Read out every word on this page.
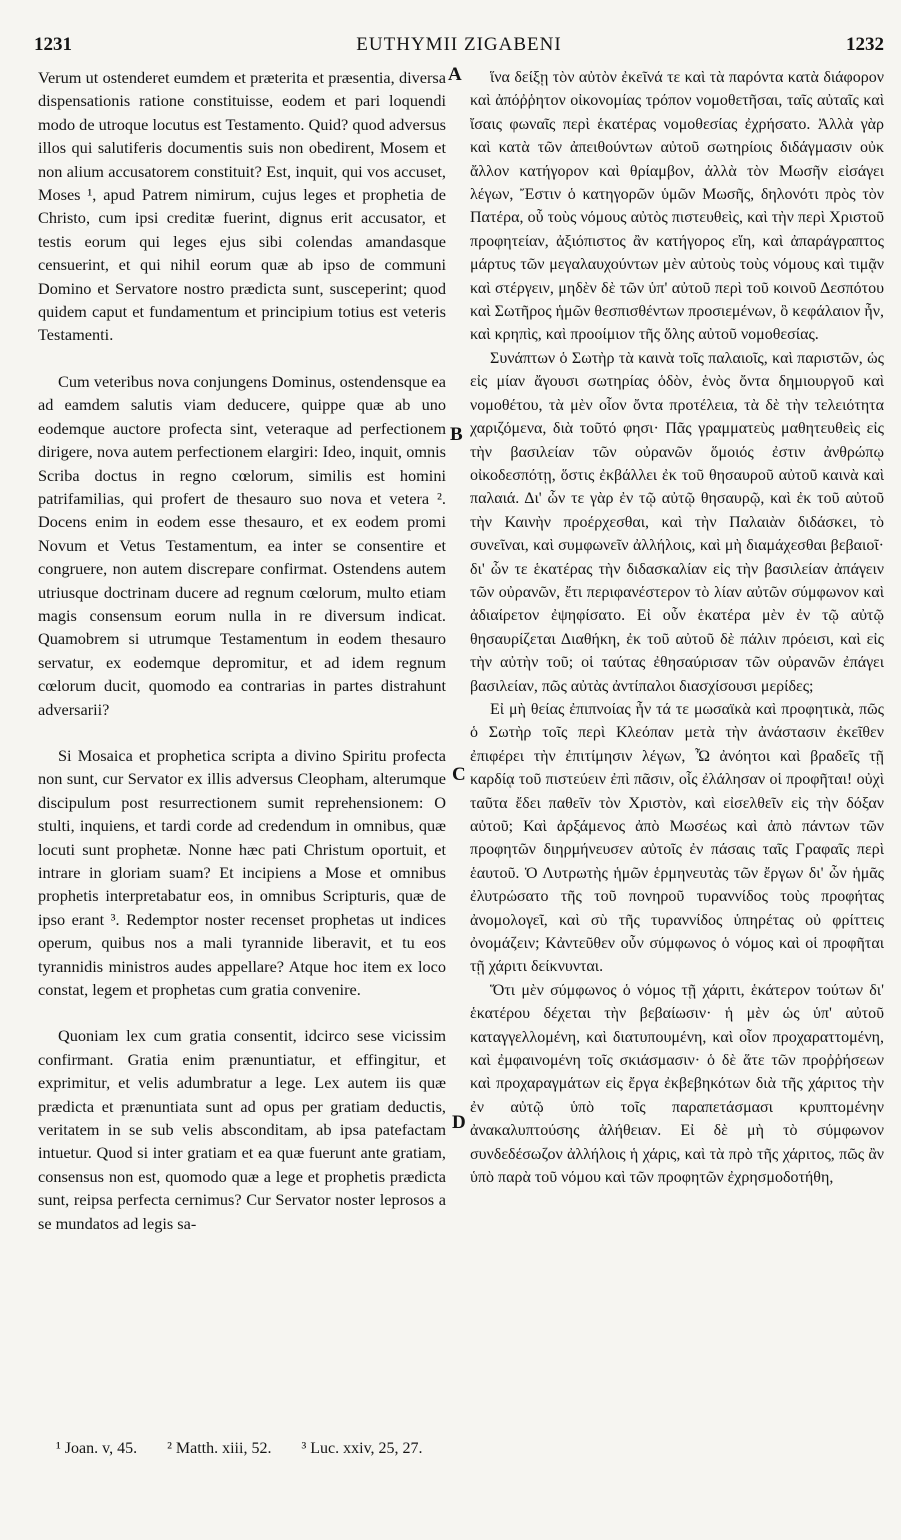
1231	EUTHYMII ZIGABENI	1232

Verum ut ostenderet eumdem et præterita et præsentia, diversa dispensationis ratione constituisse, eodem et pari loquendi modo de utroque locutus est Testamento. Quid? quod adversus illos qui salutiferis documentis suis non obedirent, Mosem et non alium accusatorem constituit? Est, inquit, qui vos accuset, Moses ¹, apud Patrem nimirum, cujus leges et prophetia de Christo, cum ipsi creditæ fuerint, dignus erit accusator, et testis eorum qui leges ejus sibi colendas amandasque censuerint, et qui nihil eorum quæ ab ipso de communi Domino et Servatore nostro prædicta sunt, susceperint; quod quidem caput et fundamentum et principium totius est veteris Testamenti.

Cum veteribus nova conjungens Dominus, ostendensque ea ad eamdem salutis viam deducere, quippe quæ ab uno eodemque auctore profecta sint, veteraque ad perfectionem dirigere, nova autem perfectionem elargiri: Ideo, inquit, omnis Scriba doctus in regno cœlorum, similis est homini patrifamilias, qui profert de thesauro suo nova et vetera ². Docens enim in eodem esse thesauro, et ex eodem promi Novum et Vetus Testamentum, ea inter se consentire et congruere, non autem discrepare confirmat. Ostendens autem utriusque doctrinam ducere ad regnum cœlorum, multo etiam magis consensum eorum nulla in re diversum indicat. Quamobrem si utrumque Testamentum in eodem thesauro servatur, ex eodemque depromitur, et ad idem regnum cœlorum ducit, quomodo ea contrarias in partes distrahunt adversarii?

Si Mosaica et prophetica scripta a divino Spiritu profecta non sunt, cur Servator ex illis adversus Cleopham, alterumque discipulum post resurrectionem sumit reprehensionem: O stulti, inquiens, et tardi corde ad credendum in omnibus, quæ locuti sunt prophetæ. Nonne hæc pati Christum oportuit, et intrare in gloriam suam? Et incipiens a Mose et omnibus prophetis interpretabatur eos, in omnibus Scripturis, quæ de ipso erant ³. Redemptor noster recenset prophetas ut indices operum, quibus nos a mali tyrannide liberavit, et tu eos tyrannidis ministros audes appellare? Atque hoc item ex loco constat, legem et prophetas cum gratia convenire.

Quoniam lex cum gratia consentit, idcirco sese vicissim confirmant. Gratia enim prænuntiatur, et effingitur, et exprimitur, et velis adumbratur a lege. Lex autem iis quæ prædicta et prænuntiata sunt ad opus per gratiam deductis, veritatem in se sub velis absconditam, ab ipsa patefactam intuetur. Quod si inter gratiam et ea quæ fuerunt ante gratiam, consensus non est, quomodo quæ a lege et prophetis prædicta sunt, reipsa perfecta cernimus? Cur Servator noster leprosos a se mundatos ad legis sa-

A
B
C
D

ἵνα δείξῃ τὸν αὐτὸν ἐκεῖνά τε καὶ τὰ παρόντα κατὰ διάφορον καὶ ἀπόῤῥητον οἰκονομίας τρόπον νομοθετῆσαι, ταῖς αὐταῖς καὶ ἴσαις φωναῖς περὶ ἑκατέρας νομοθεσίας ἐχρήσατο. Ἀλλὰ γὰρ καὶ κατὰ τῶν ἀπειθούντων αὐτοῦ σωτηρίοις διδάγμασιν οὐκ ἄλλον κατήγορον καὶ θρίαμβον, ἀλλὰ τὸν Μωσῆν εἰσάγει λέγων, Ἔστιν ὁ κατηγορῶν ὑμῶν Μωσῆς, δηλονότι πρὸς τὸν Πατέρα, οὗ τοὺς νόμους αὐτὸς πιστευθεὶς, καὶ τὴν περὶ Χριστοῦ προφητείαν, ἀξιόπιστος ἂν κατήγορος εἴη, καὶ ἀπαράγραπτος μάρτυς τῶν μεγαλαυχούντων μὲν αὐτοὺς τοὺς νόμους καὶ τιμᾷν καὶ στέργειν, μηδὲν δὲ τῶν ὑπ' αὐτοῦ περὶ τοῦ κοινοῦ Δεσπότου καὶ Σωτῆρος ἡμῶν θεσπισθέντων προσιεμένων, ὃ κεφάλαιον ἦν, καὶ κρηπὶς, καὶ προοίμιον τῆς ὅλης αὐτοῦ νομοθεσίας.

Συνάπτων ὁ Σωτὴρ τὰ καινὰ τοῖς παλαιοῖς, καὶ παριστῶν, ὡς εἰς μίαν ἄγουσι σωτηρίας ὁδὸν, ἑνὸς ὄντα δημιουργοῦ καὶ νομοθέτου, τὰ μὲν οἷον ὄντα προτέλεια, τὰ δὲ τὴν τελειότητα χαριζόμενα, διὰ τοῦτό φησι· Πᾶς γραμματεὺς μαθητευθεὶς εἰς τὴν βασιλείαν τῶν οὐρανῶν ὅμοιός ἐστιν ἀνθρώπῳ οἰκοδεσπότῃ, ὅστις ἐκβάλλει ἐκ τοῦ θησαυροῦ αὐτοῦ καινὰ καὶ παλαιά. Δι' ὧν τε γὰρ ἐν τῷ αὐτῷ θησαυρῷ, καὶ ἐκ τοῦ αὐτοῦ τὴν Καινὴν προέρχεσθαι, καὶ τὴν Παλαιὰν διδάσκει, τὸ συνεῖναι, καὶ συμφωνεῖν ἀλλήλοις, καὶ μὴ διαμάχεσθαι βεβαιοῖ· δι' ὧν τε ἑκατέρας τὴν διδασκαλίαν εἰς τὴν βασιλείαν ἀπάγειν τῶν οὐρανῶν, ἔτι περιφανέστερον τὸ λίαν αὐτῶν σύμφωνον καὶ ἀδιαίρετον ἐψηφίσατο. Εἰ οὖν ἑκατέρα μὲν ἐν τῷ αὐτῷ θησαυρίζεται Διαθήκη, ἐκ τοῦ αὐτοῦ δὲ πάλιν πρόεισι, καὶ εἰς τὴν αὐτὴν τοῦ; οἱ ταύτας ἐθησαύρισαν τῶν οὐρανῶν ἐπάγει βασιλείαν, πῶς αὐτὰς ἀντίπαλοι διασχίσουσι μερίδες;

Εἰ μὴ θείας ἐπιπνοίας ἦν τά τε μωσαϊκὰ καὶ προφητικὰ, πῶς ὁ Σωτὴρ τοῖς περὶ Κλεόπαν μετὰ τὴν ἀνάστασιν ἐκεῖθεν ἐπιφέρει τὴν ἐπιτίμησιν λέγων, Ὦ ἀνόητοι καὶ βραδεῖς τῇ καρδίᾳ τοῦ πιστεύειν ἐπὶ πᾶσιν, οἷς ἐλάλησαν οἱ προφῆται! οὐχὶ ταῦτα ἔδει παθεῖν τὸν Χριστὸν, καὶ εἰσελθεῖν εἰς τὴν δόξαν αὐτοῦ; Καὶ ἀρξάμενος ἀπὸ Μωσέως καὶ ἀπὸ πάντων τῶν προφητῶν διηρμήνευσεν αὐτοῖς ἐν πάσαις ταῖς Γραφαῖς περὶ ἑαυτοῦ. Ὁ Λυτρωτὴς ἡμῶν ἑρμηνευτὰς τῶν ἔργων δι' ὧν ἡμᾶς ἐλυτρώσατο τῆς τοῦ πονηροῦ τυραννίδος τοὺς προφήτας ἀνομολογεῖ, καὶ σὺ τῆς τυραννίδος ὑπηρέτας οὐ φρίττεις ὀνομάζειν; Κἀντεῦθεν οὖν σύμφωνος ὁ νόμος καὶ οἱ προφῆται τῇ χάριτι δείκνυνται.

Ὅτι μὲν σύμφωνος ὁ νόμος τῇ χάριτι, ἑκάτερον τούτων δι' ἑκατέρου δέχεται τὴν βεβαίωσιν· ἡ μὲν ὡς ὑπ' αὐτοῦ καταγγελλομένη, καὶ διατυπουμένη, καὶ οἷον προχαραττομένη, καὶ ἐμφαινομένη τοῖς σκιάσμασιν· ὁ δὲ ἅτε τῶν προῤῥήσεων καὶ προχαραγμάτων εἰς ἔργα ἐκβεβηκότων διὰ τῆς χάριτος τὴν ἐν αὐτῷ ὑπὸ τοῖς παραπετάσμασι κρυπτομένην ἀνακαλυπτούσης ἀλήθειαν. Εἰ δὲ μὴ τὸ σύμφωνον συνδεδέσωζον ἀλλήλοις ἡ χάρις, καὶ τὰ πρὸ τῆς χάριτος, πῶς ἂν ὑπὸ παρὰ τοῦ νόμου καὶ τῶν προφητῶν ἐχρησμοδοτήθη,

¹ Joan. v, 45. ² Matth. xiii, 52. ³ Luc. xxiv, 25, 27.
